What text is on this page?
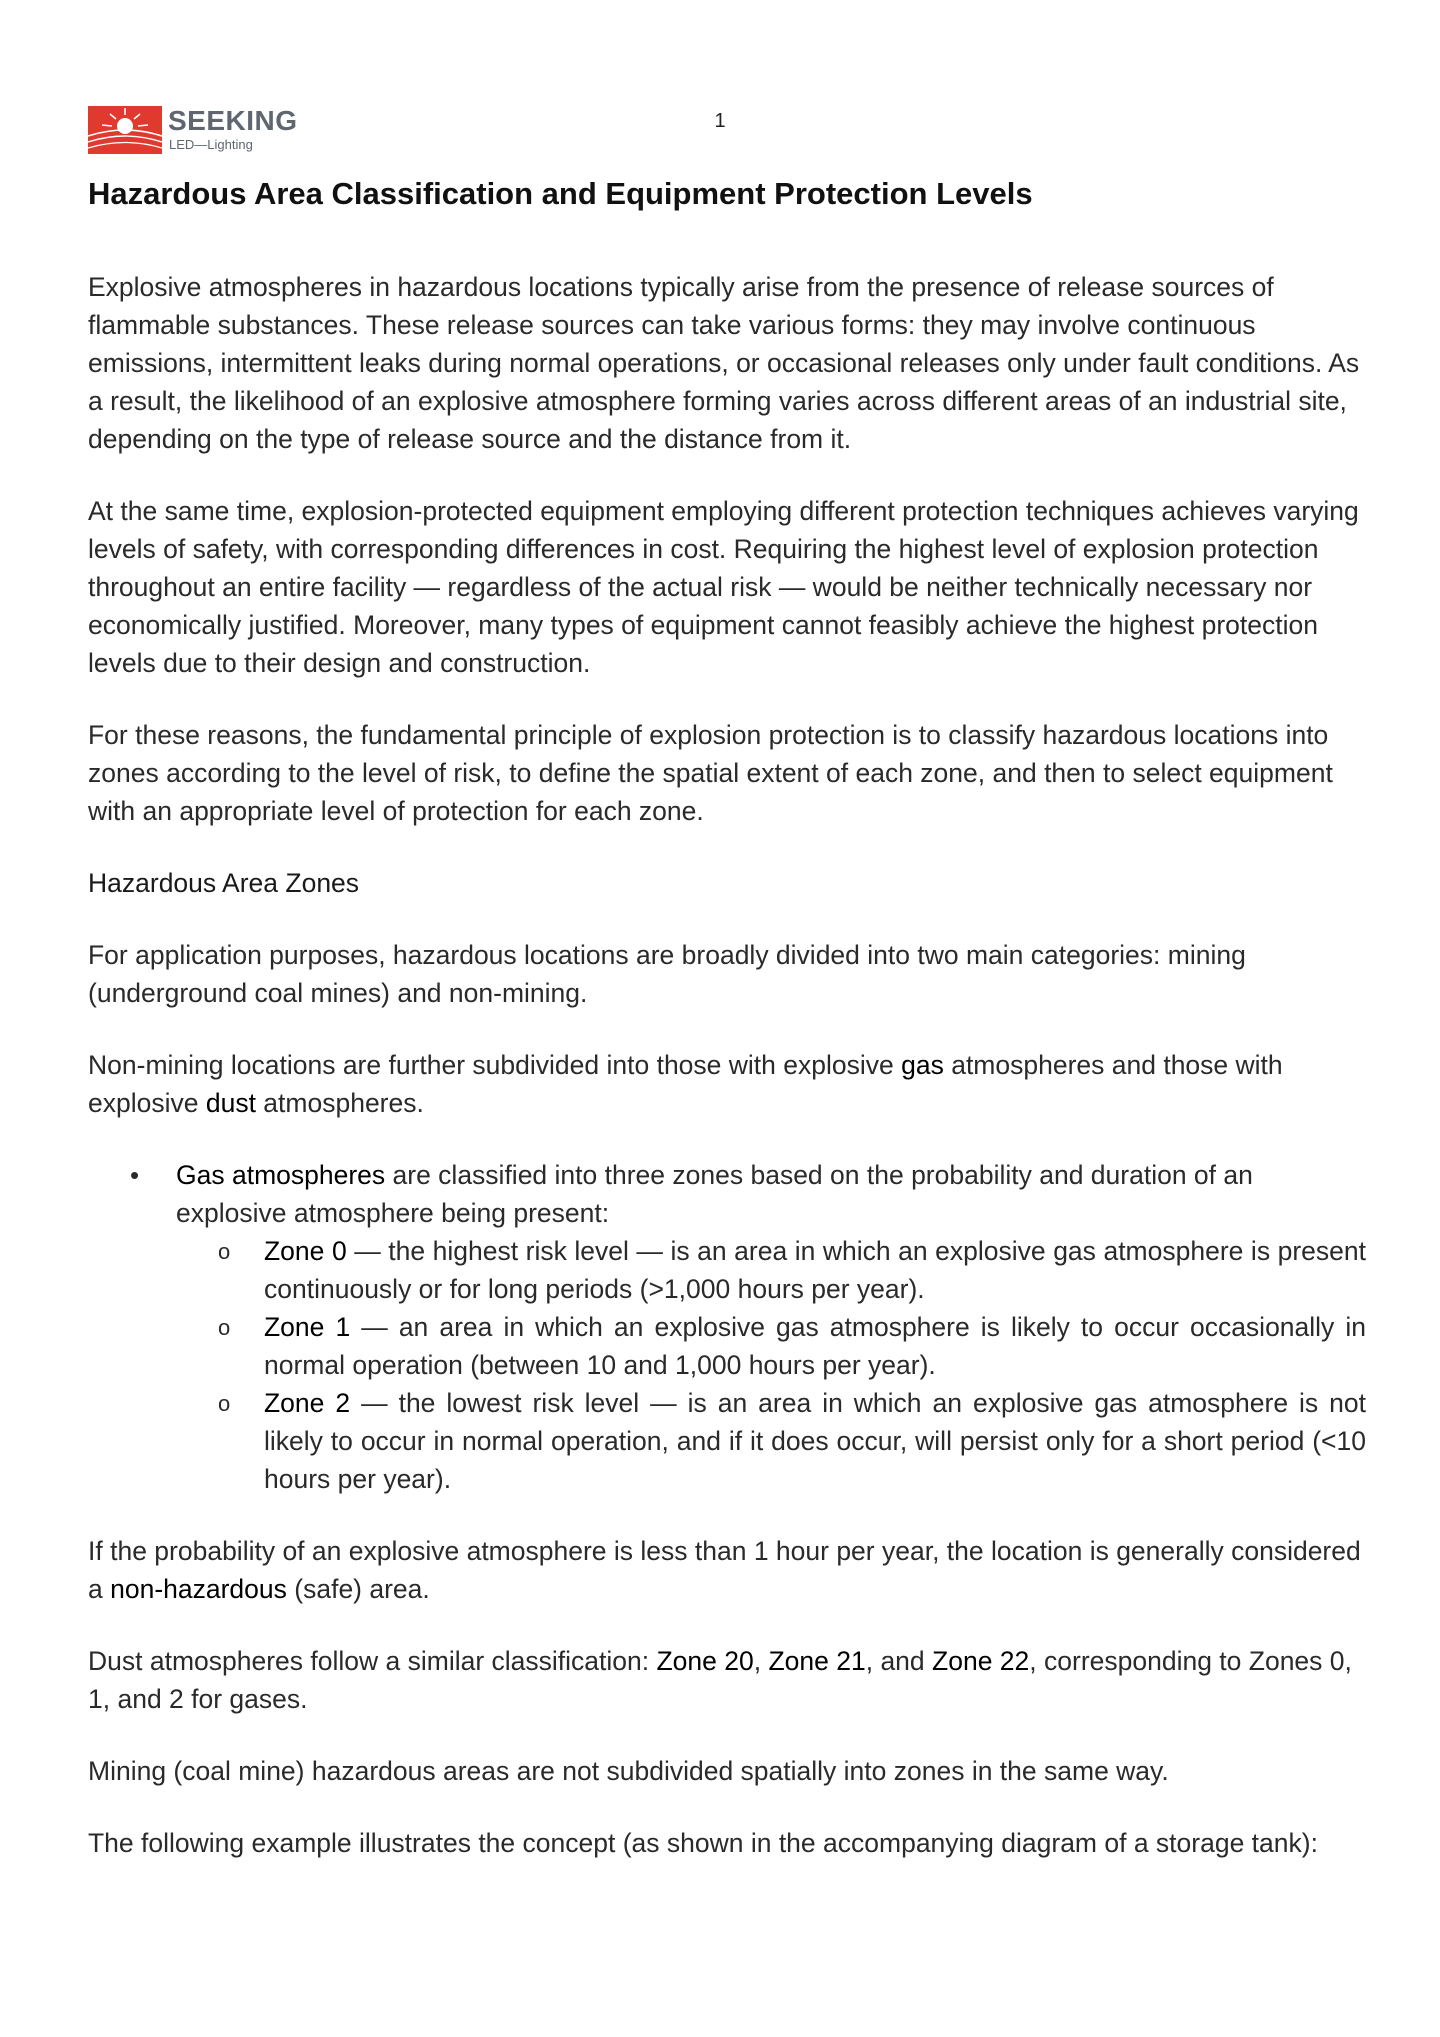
SEEKING
LED—Lighting
1
Hazardous Area Classification and Equipment Protection Levels

Explosive atmospheres in hazardous locations typically arise from the presence of release sources of flammable substances. These release sources can take various forms: they may involve continuous emissions, intermittent leaks during normal operations, or occasional releases only under fault conditions. As a result, the likelihood of an explosive atmosphere forming varies across different areas of an industrial site, depending on the type of release source and the distance from it.

At the same time, explosion-protected equipment employing different protection techniques achieves varying levels of safety, with corresponding differences in cost. Requiring the highest level of explosion protection throughout an entire facility — regardless of the actual risk — would be neither technically necessary nor economically justified. Moreover, many types of equipment cannot feasibly achieve the highest protection levels due to their design and construction.

For these reasons, the fundamental principle of explosion protection is to classify hazardous locations into zones according to the level of risk, to define the spatial extent of each zone, and then to select equipment with an appropriate level of protection for each zone.

Hazardous Area Zones

For application purposes, hazardous locations are broadly divided into two main categories: mining (underground coal mines) and non-mining.

Non-mining locations are further subdivided into those with explosive gas atmospheres and those with explosive dust atmospheres.

• Gas atmospheres are classified into three zones based on the probability and duration of an explosive atmosphere being present:
o Zone 0 — the highest risk level — is an area in which an explosive gas atmosphere is present continuously or for long periods (>1,000 hours per year).
o Zone 1 — an area in which an explosive gas atmosphere is likely to occur occasionally in normal operation (between 10 and 1,000 hours per year).
o Zone 2 — the lowest risk level — is an area in which an explosive gas atmosphere is not likely to occur in normal operation, and if it does occur, will persist only for a short period (<10 hours per year).

If the probability of an explosive atmosphere is less than 1 hour per year, the location is generally considered a non-hazardous (safe) area.

Dust atmospheres follow a similar classification: Zone 20, Zone 21, and Zone 22, corresponding to Zones 0, 1, and 2 for gases.

Mining (coal mine) hazardous areas are not subdivided spatially into zones in the same way.

The following example illustrates the concept (as shown in the accompanying diagram of a storage tank):
